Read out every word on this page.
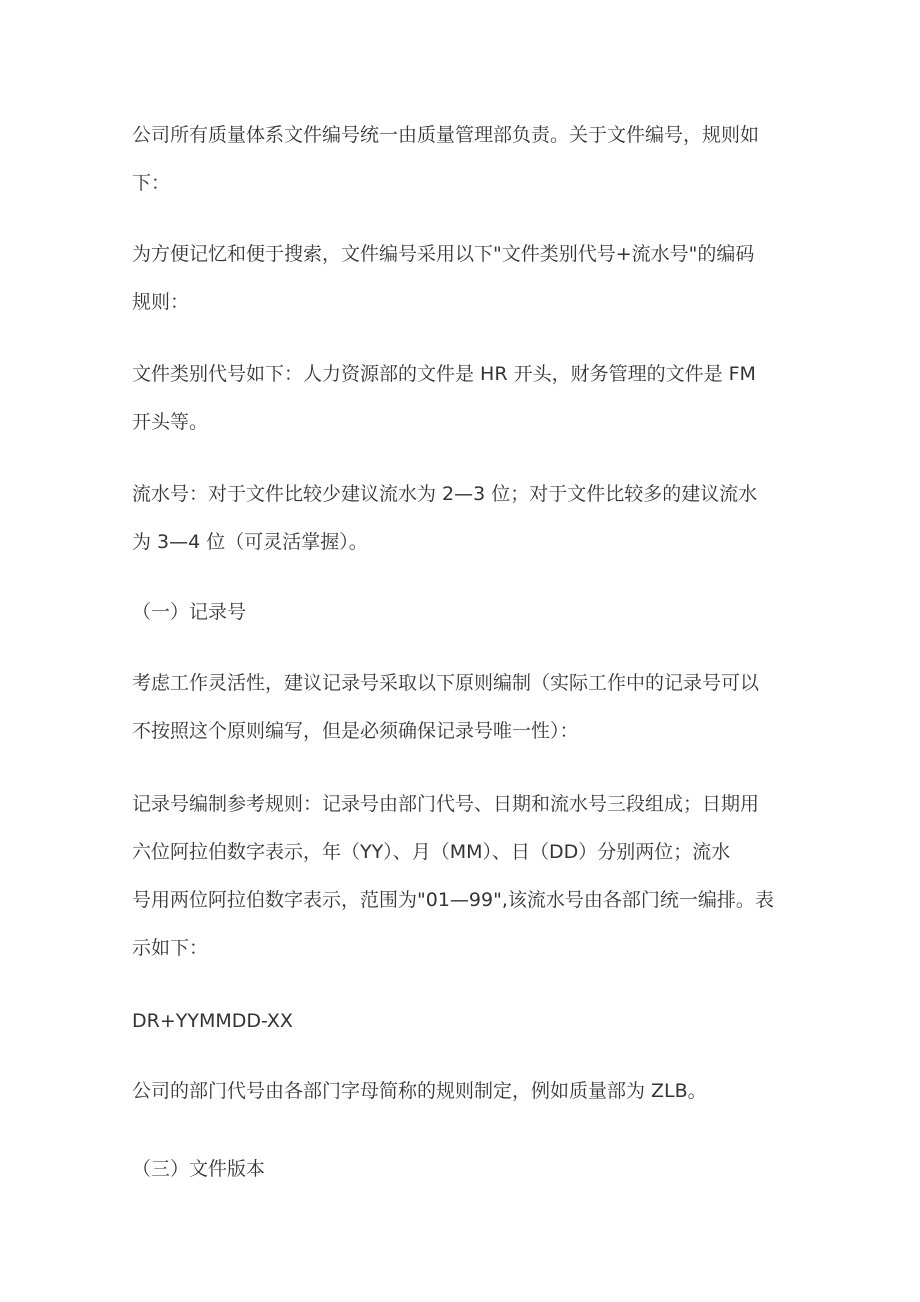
公司所有质量体系文件编号统一由质量管理部负责。关于文件编号，规则如
下：

为方便记忆和便于搜索，文件编号采用以下"文件类别代号+流水号"的编码
规则：

文件类别代号如下：人力资源部的文件是 HR 开头，财务管理的文件是 FM
开头等。

流水号：对于文件比较少建议流水为 2—3 位；对于文件比较多的建议流水
为 3—4 位（可灵活掌握）。

（一）记录号

考虑工作灵活性，建议记录号采取以下原则编制（实际工作中的记录号可以
不按照这个原则编写，但是必须确保记录号唯一性）：

记录号编制参考规则：记录号由部门代号、日期和流水号三段组成；日期用
六位阿拉伯数字表示，年（YY）、月（MM）、日（DD）分别两位；流水
号用两位阿拉伯数字表示，范围为"01—99",该流水号由各部门统一编排。表
示如下：

DR+YYMMDD-XX

公司的部门代号由各部门字母简称的规则制定，例如质量部为 ZLB。

（三）文件版本
